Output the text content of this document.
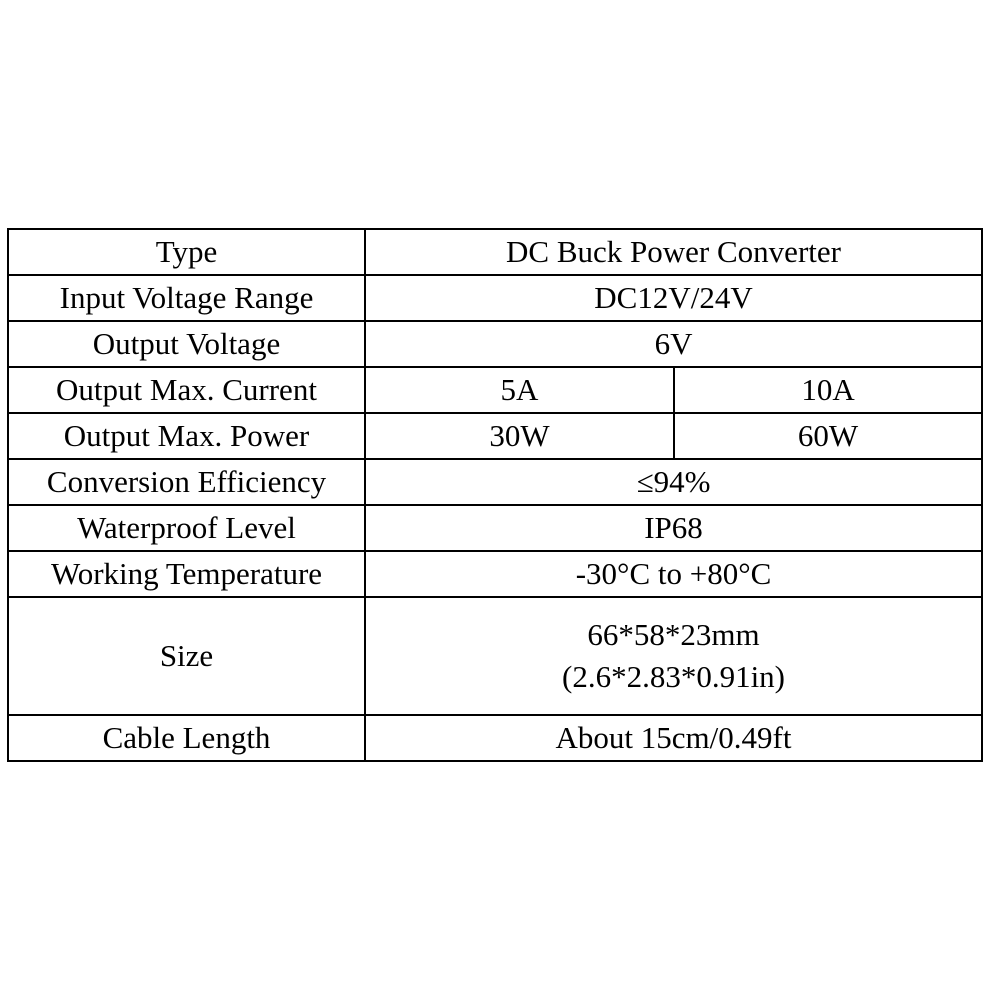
Type	DC Buck Power Converter	
Input Voltage Range	DC12V/24V	
Output Voltage	6V	
Output Max. Current	5A	10A
Output Max. Power	30W	60W
Conversion Efficiency	≤94%	
Waterproof Level	IP68	
Working Temperature	-30°C to +80°C	
Size	66*58*23mm
(2.6*2.83*0.91in)	

Cable Length	About 15cm/0.49ft	
